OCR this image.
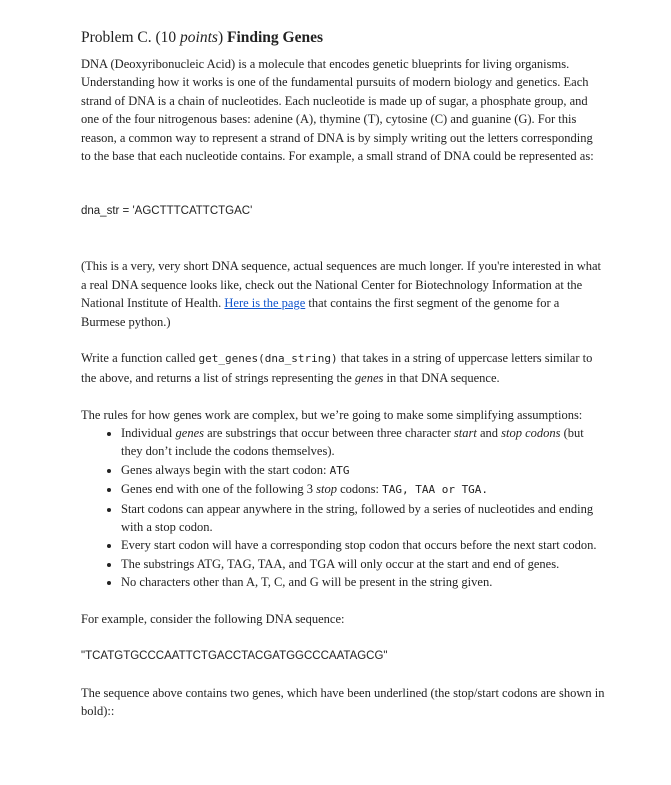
Problem C. (10 points) Finding Genes

DNA (Deoxyribonucleic Acid) is a molecule that encodes genetic blueprints for living organisms. Understanding how it works is one of the fundamental pursuits of modern biology and genetics. Each strand of DNA is a chain of nucleotides. Each nucleotide is made up of sugar, a phosphate group, and one of the four nitrogenous bases: adenine (A), thymine (T), cytosine (C) and guanine (G). For this reason, a common way to represent a strand of DNA is by simply writing out the letters corresponding to the base that each nucleotide contains. For example, a small strand of DNA could be represented as:

dna_str = 'AGCTTTCATTCTGAC'

(This is a very, very short DNA sequence, actual sequences are much longer. If you're interested in what a real DNA sequence looks like, check out the National Center for Biotechnology Information at the National Institute of Health. Here is the page that contains the first segment of the genome for a Burmese python.)

Write a function called get_genes(dna_string) that takes in a string of uppercase letters similar to the above, and returns a list of strings representing the genes in that DNA sequence.

The rules for how genes work are complex, but we’re going to make some simplifying assumptions:

• Individual genes are substrings that occur between three character start and stop codons (but they don’t include the codons themselves).
• Genes always begin with the start codon: ATG
• Genes end with one of the following 3 stop codons: TAG, TAA or TGA.
• Start codons can appear anywhere in the string, followed by a series of nucleotides and ending with a stop codon.
• Every start codon will have a corresponding stop codon that occurs before the next start codon.
• The substrings ATG, TAG, TAA, and TGA will only occur at the start and end of genes.
• No characters other than A, T, C, and G will be present in the string given.

For example, consider the following DNA sequence:

"TCATGTGCCCAATTCTGACCTACGATGGCCCAATAGCG"

The sequence above contains two genes, which have been underlined (the stop/start codons are shown in bold)::
